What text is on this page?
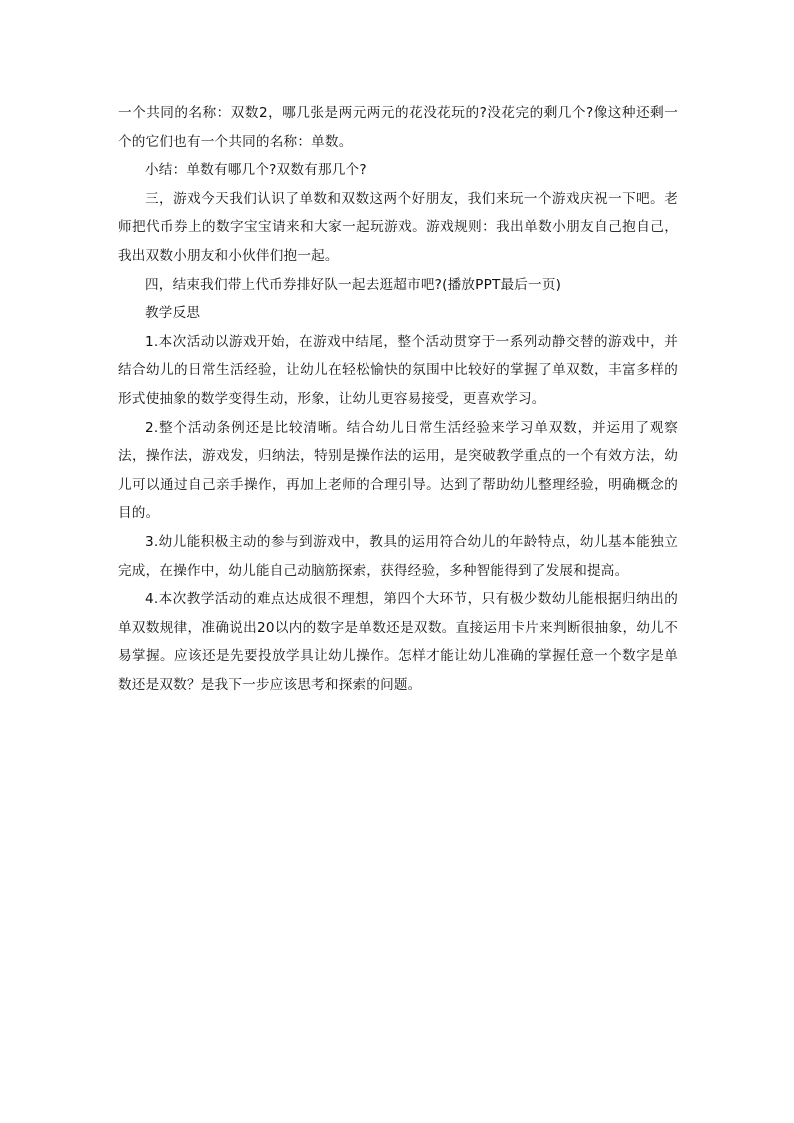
一个共同的名称：双数2，哪几张是两元两元的花没花玩的?没花完的剩几个?像这种还剩一个的它们也有一个共同的名称：单数。

小结：单数有哪几个?双数有那几个?

三，游戏今天我们认识了单数和双数这两个好朋友，我们来玩一个游戏庆祝一下吧。老师把代币券上的数字宝宝请来和大家一起玩游戏。游戏规则：我出单数小朋友自己抱自己，我出双数小朋友和小伙伴们抱一起。

四，结束我们带上代币券排好队一起去逛超市吧?(播放PPT最后一页)

教学反思

1.本次活动以游戏开始，在游戏中结尾，整个活动贯穿于一系列动静交替的游戏中，并结合幼儿的日常生活经验，让幼儿在轻松愉快的氛围中比较好的掌握了单双数，丰富多样的形式使抽象的数学变得生动，形象，让幼儿更容易接受，更喜欢学习。

2.整个活动条例还是比较清晰。结合幼儿日常生活经验来学习单双数，并运用了观察法，操作法，游戏发，归纳法，特别是操作法的运用，是突破教学重点的一个有效方法，幼儿可以通过自己亲手操作，再加上老师的合理引导。达到了帮助幼儿整理经验，明确概念的目的。

3.幼儿能积极主动的参与到游戏中，教具的运用符合幼儿的年龄特点，幼儿基本能独立完成，在操作中，幼儿能自己动脑筋探索，获得经验，多种智能得到了发展和提高。

4.本次教学活动的难点达成很不理想，第四个大环节，只有极少数幼儿能根据归纳出的单双数规律，准确说出20以内的数字是单数还是双数。直接运用卡片来判断很抽象，幼儿不易掌握。应该还是先要投放学具让幼儿操作。怎样才能让幼儿准确的掌握任意一个数字是单数还是双数？是我下一步应该思考和探索的问题。
